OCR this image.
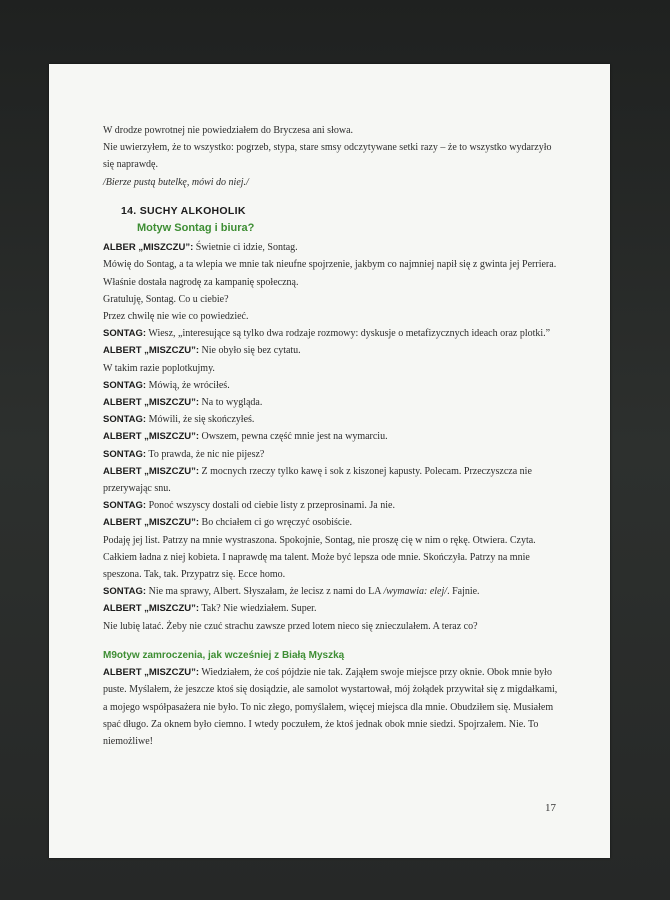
W drodze powrotnej nie powiedziałem do Bryczesa ani słowa.

Nie uwierzyłem, że to wszystko: pogrzeb, stypa, stare smsy odczytywane setki razy – że to wszystko wydarzyło się naprawdę.

/Bierze pustą butelkę, mówi do niej./

14. SUCHY ALKOHOLIK

Motyw Sontag i biura?

ALBER „MISZCZU”: Świetnie ci idzie, Sontag.

Mówię do Sontag, a ta wlepia we mnie tak nieufne spojrzenie, jakbym co najmniej napił się z gwinta jej Perriera. Właśnie dostała nagrodę za kampanię społeczną.

Gratuluję, Sontag. Co u ciebie?

Przez chwilę nie wie co powiedzieć.

SONTAG: Wiesz, „interesujące są tylko dwa rodzaje rozmowy: dyskusje o metafizycznych ideach oraz plotki.”

ALBERT „MISZCZU”: Nie obyło się bez cytatu.

W takim razie poplotkujmy.

SONTAG: Mówią, że wróciłeś.

ALBERT „MISZCZU”: Na to wygląda.

SONTAG: Mówili, że się skończyłeś.

ALBERT „MISZCZU”: Owszem, pewna część mnie jest na wymarciu.

SONTAG: To prawda, że nic nie pijesz?

ALBERT „MISZCZU”: Z mocnych rzeczy tylko kawę i sok z kiszonej kapusty. Polecam. Przeczyszcza nie przerywając snu.

SONTAG: Ponoć wszyscy dostali od ciebie listy z przeprosinami. Ja nie.

ALBERT „MISZCZU”: Bo chciałem ci go wręczyć osobiście.

Podaję jej list. Patrzy na mnie wystraszona. Spokojnie, Sontag, nie proszę cię w nim o rękę. Otwiera. Czyta. Całkiem ładna z niej kobieta. I naprawdę ma talent. Może być lepsza ode mnie. Skończyła. Patrzy na mnie speszona. Tak, tak. Przypatrz się. Ecce homo.

SONTAG: Nie ma sprawy, Albert. Słyszałam, że lecisz z nami do LA /wymawia: elej/. Fajnie.

ALBERT „MISZCZU”: Tak? Nie wiedziałem. Super.

Nie lubię latać. Żeby nie czuć strachu zawsze przed lotem nieco się znieczulałem. A teraz co?

M9otyw zamroczenia, jak wcześniej z Białą Myszką

ALBERT „MISZCZU”: Wiedziałem, że coś pójdzie nie tak. Zająłem swoje miejsce przy oknie. Obok mnie było puste. Myślałem, że jeszcze ktoś się dosiądzie, ale samolot wystartował, mój żołądek przywitał się z migdałkami, a mojego współpasażera nie było. To nic złego, pomyślałem, więcej miejsca dla mnie. Obudziłem się. Musiałem spać długo. Za oknem było ciemno. I wtedy poczułem, że ktoś jednak obok mnie siedzi. Spojrzałem. Nie. To niemożliwe!

17
